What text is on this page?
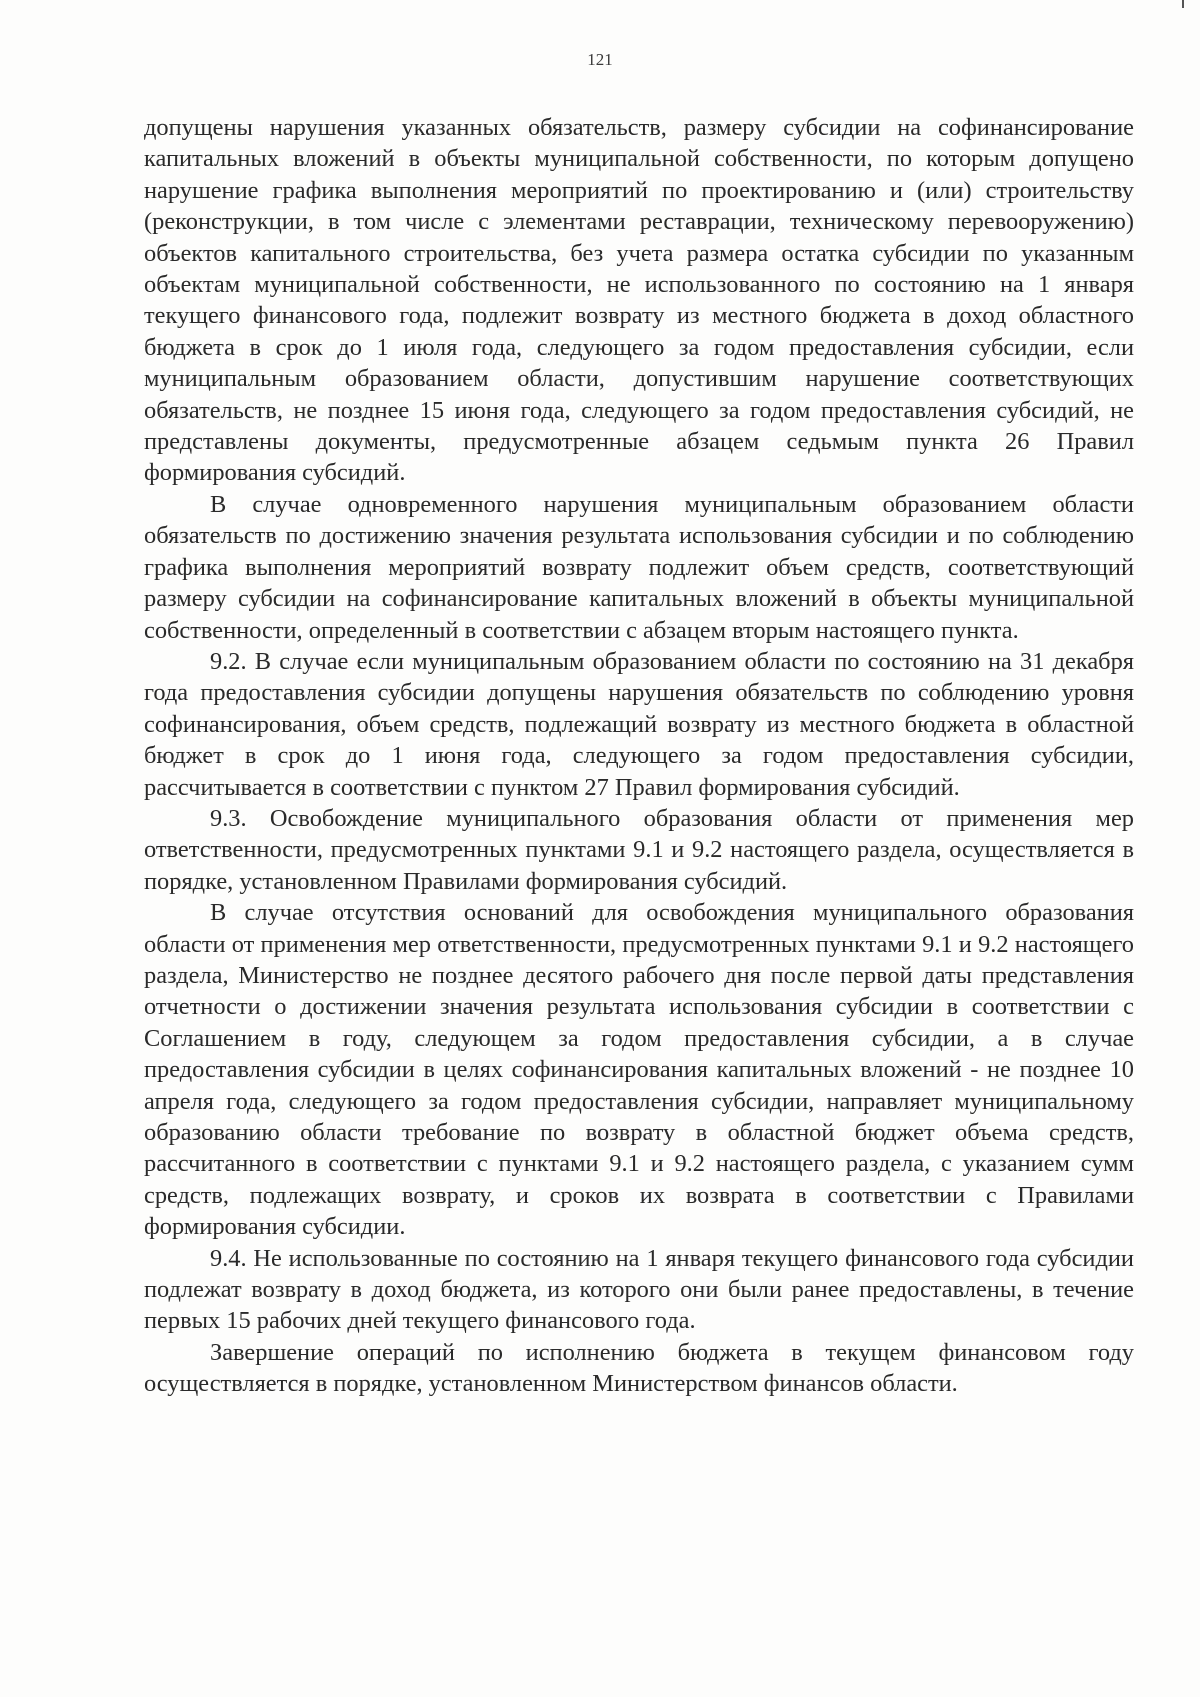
121

допущены нарушения указанных обязательств, размеру субсидии на софинансирование капитальных вложений в объекты муниципальной собственности, по которым допущено нарушение графика выполнения мероприятий по проектированию и (или) строительству (реконструкции, в том числе с элементами реставрации, техническому перевооружению) объектов капитального строительства, без учета размера остатка субсидии по указанным объектам муниципальной собственности, не использованного по состоянию на 1 января текущего финансового года, подлежит возврату из местного бюджета в доход областного бюджета в срок до 1 июля года, следующего за годом предоставления субсидии, если муниципальным образованием области, допустившим нарушение соответствующих обязательств, не позднее 15 июня года, следующего за годом предоставления субсидий, не представлены документы, предусмотренные абзацем седьмым пункта 26 Правил формирования субсидий.

В случае одновременного нарушения муниципальным образованием области обязательств по достижению значения результата использования субсидии и по соблюдению графика выполнения мероприятий возврату подлежит объем средств, соответствующий размеру субсидии на софинансирование капитальных вложений в объекты муниципальной собственности, определенный в соответствии с абзацем вторым настоящего пункта.

9.2. В случае если муниципальным образованием области по состоянию на 31 декабря года предоставления субсидии допущены нарушения обязательств по соблюдению уровня софинансирования, объем средств, подлежащий возврату из местного бюджета в областной бюджет в срок до 1 июня года, следующего за годом предоставления субсидии, рассчитывается в соответствии с пунктом 27 Правил формирования субсидий.

9.3. Освобождение муниципального образования области от применения мер ответственности, предусмотренных пунктами 9.1 и 9.2 настоящего раздела, осуществляется в порядке, установленном Правилами формирования субсидий.

В случае отсутствия оснований для освобождения муниципального образования области от применения мер ответственности, предусмотренных пунктами 9.1 и 9.2 настоящего раздела, Министерство не позднее десятого рабочего дня после первой даты представления отчетности о достижении значения результата использования субсидии в соответствии с Соглашением в году, следующем за годом предоставления субсидии, а в случае предоставления субсидии в целях софинансирования капитальных вложений - не позднее 10 апреля года, следующего за годом предоставления субсидии, направляет муниципальному образованию области требование по возврату в областной бюджет объема средств, рассчитанного в соответствии с пунктами 9.1 и 9.2 настоящего раздела, с указанием сумм средств, подлежащих возврату, и сроков их возврата в соответствии с Правилами формирования субсидии.

9.4. Не использованные по состоянию на 1 января текущего финансового года субсидии подлежат возврату в доход бюджета, из которого они были ранее предоставлены, в течение первых 15 рабочих дней текущего финансового года.

Завершение операций по исполнению бюджета в текущем финансовом году осуществляется в порядке, установленном Министерством финансов области.
